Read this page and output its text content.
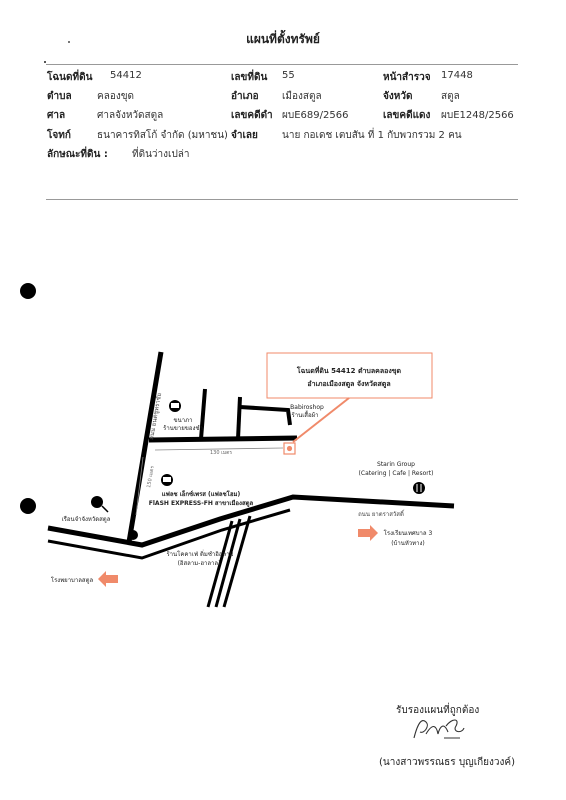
แผนที่ตั้งทรัพย์
โฉนดที่ดิน 54412	เลขที่ดิน 55	หน้าสำรวจ 17448
ตำบล	คลองขุด	อำเภอ เมืองสตูล	จังหวัด	สตูล
ศาล	ศาลจังหวัดสตูล	เลขคดีดำ ผบE689/2566	เลขคดีแดง ผบE1248/2566
โจทก์	ธนาคารทิสโก้ จำกัด (มหาชน) จำเลย นาย กอเดช เตบสัน ที่ 1 กับพวกรวม 2 คน
ลักษณะที่ดิน : ที่ดินว่างเปล่า
130 เมตร
150 เมตร
ถนน ยนต์ชูทราชัย
โฉนดที่ดิน 54412 ตำบลคลองขุด
อำเภอเมืองสตูล จังหวัดสตูล
ขนาภา
ร้านขายของชำ
Babiroshop
ร้านเสื้อผ้า
แฟลช เอ็กซ์เพรส (แฟลชโฮม)
FlASH EXPRESS-FH สาขาเมืองสตูล
เรือนจำจังหวัดสตูล
Starin Group
(Catering | Cafe | Resort)
ถนน ยาตราสวัสดิ์
โรงเรียนเทศบาล 3
(บ้านหัวทาง)
ร้านโคคาเฟ่ ติ่มซำอิสลาม
(อิสลาม-ฮาลาล)
โรงพยาบาลสตูล
รับรองแผนที่ถูกต้อง
(นางสาวพรรณธร บุญเกียงวงค์)
